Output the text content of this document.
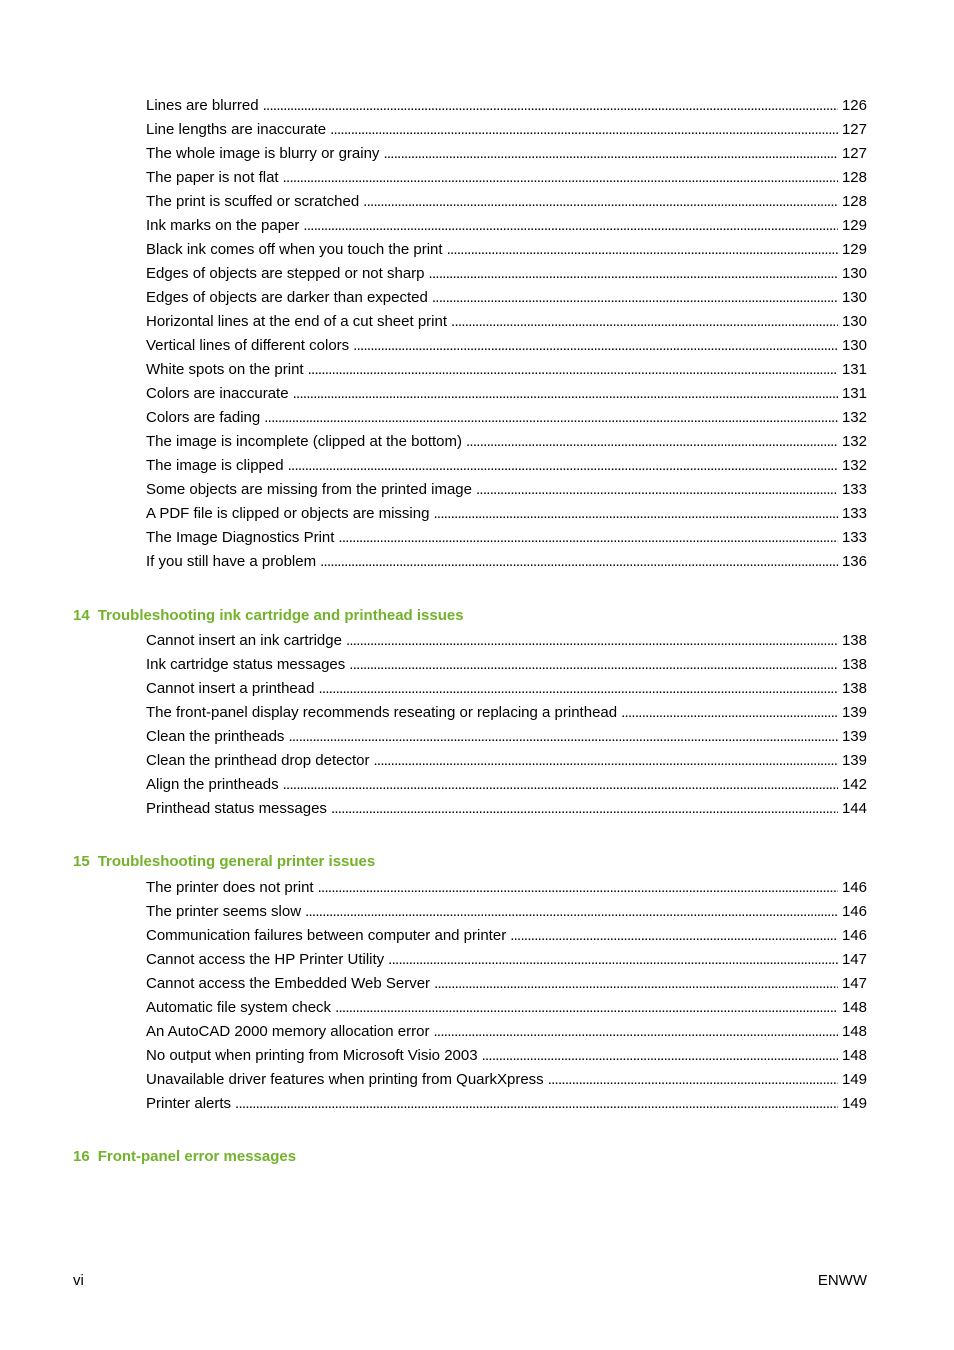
Lines are blurred . . .	126
Line lengths are inaccurate . . .	127
The whole image is blurry or grainy . . .	127
The paper is not flat . . .	128
The print is scuffed or scratched . . .	128
Ink marks on the paper . . .	129
Black ink comes off when you touch the print . . .	129
Edges of objects are stepped or not sharp . . .	130
Edges of objects are darker than expected . . .	130
Horizontal lines at the end of a cut sheet print . . .	130
Vertical lines of different colors . . .	130
White spots on the print . . .	131
Colors are inaccurate . . .	131
Colors are fading . . .	132
The image is incomplete (clipped at the bottom) . . .	132
The image is clipped . . .	132
Some objects are missing from the printed image . . .	133
A PDF file is clipped or objects are missing . . .	133
The Image Diagnostics Print . . .	133
If you still have a problem . . .	136
14 Troubleshooting ink cartridge and printhead issues
Cannot insert an ink cartridge . . .	138
Ink cartridge status messages . . .	138
Cannot insert a printhead . . .	138
The front-panel display recommends reseating or replacing a printhead . . .	139
Clean the printheads . . .	139
Clean the printhead drop detector . . .	139
Align the printheads . . .	142
Printhead status messages . . .	144
15 Troubleshooting general printer issues
The printer does not print . . .	146
The printer seems slow . . .	146
Communication failures between computer and printer . . .	146
Cannot access the HP Printer Utility . . .	147
Cannot access the Embedded Web Server . . .	147
Automatic file system check . . .	148
An AutoCAD 2000 memory allocation error . . .	148
No output when printing from Microsoft Visio 2003 . . .	148
Unavailable driver features when printing from QuarkXpress . . .	149
Printer alerts . . .	149
16 Front-panel error messages
vi	ENWW
